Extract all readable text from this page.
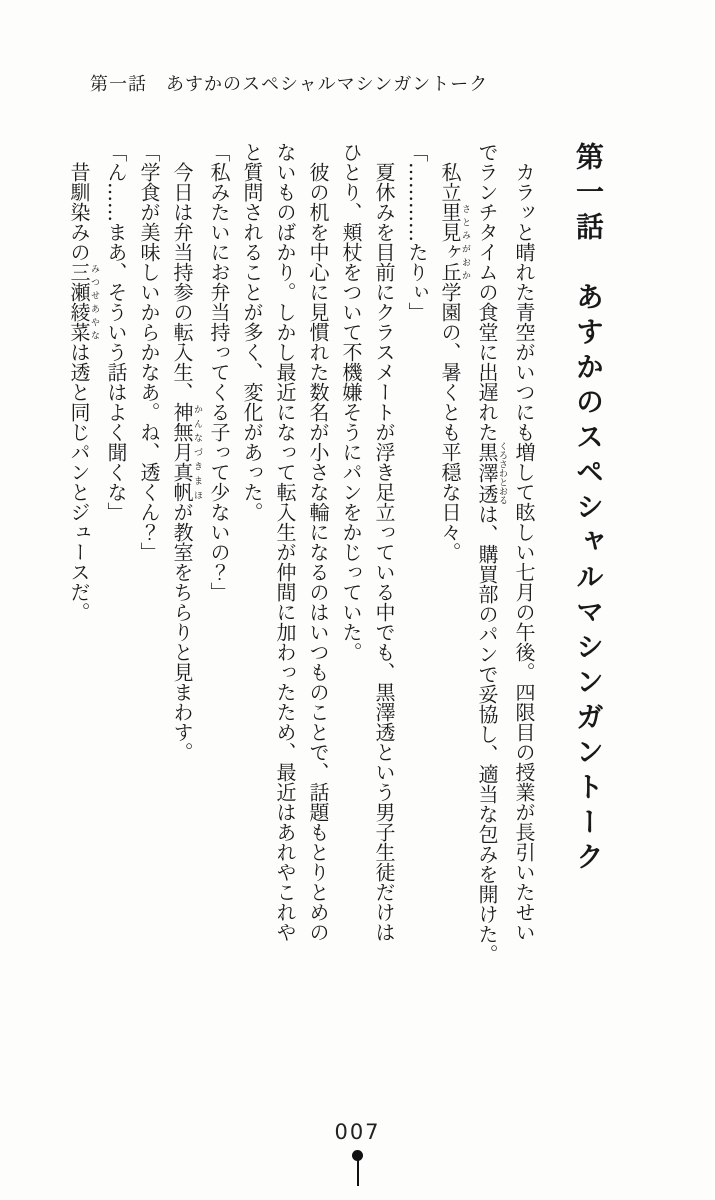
第一話　あすかのスペシャルマシンガントーク

第一話　あすかのスペシャルマシンガントーク

カラッと晴れた青空がいつにも増して眩しい七月の午後。四限目の授業が長引いたせい

でランチタイムの食堂に出遅れた黒澤透くろさわとおるは、購買部のパンで妥協し、適当な包みを開けた。

私立里見ヶ丘さとみがおか学園の、暑くとも平穏な日々。

「…………たりぃ」

夏休みを目前にクラスメートが浮き足立っている中でも、黒澤透という男子生徒だけは

ひとり、頬杖をついて不機嫌そうにパンをかじっていた。

彼の机を中心に見慣れた数名が小さな輪になるのはいつものことで、話題もとりとめの

ないものばかり。しかし最近になって転入生が仲間に加わったため、最近はあれやこれや

と質問されることが多く、変化があった。

「私みたいにお弁当持ってくる子って少ないの？」

今日は弁当持参の転入生、神無月真帆かんなづきまほが教室をちらりと見まわす。

「学食が美味しいからかなあ。ね、透くん？」

「ん……まあ、そういう話はよく聞くな」

昔馴染みの三瀬綾菜みつせあやなは透と同じパンとジュースだ。

007
